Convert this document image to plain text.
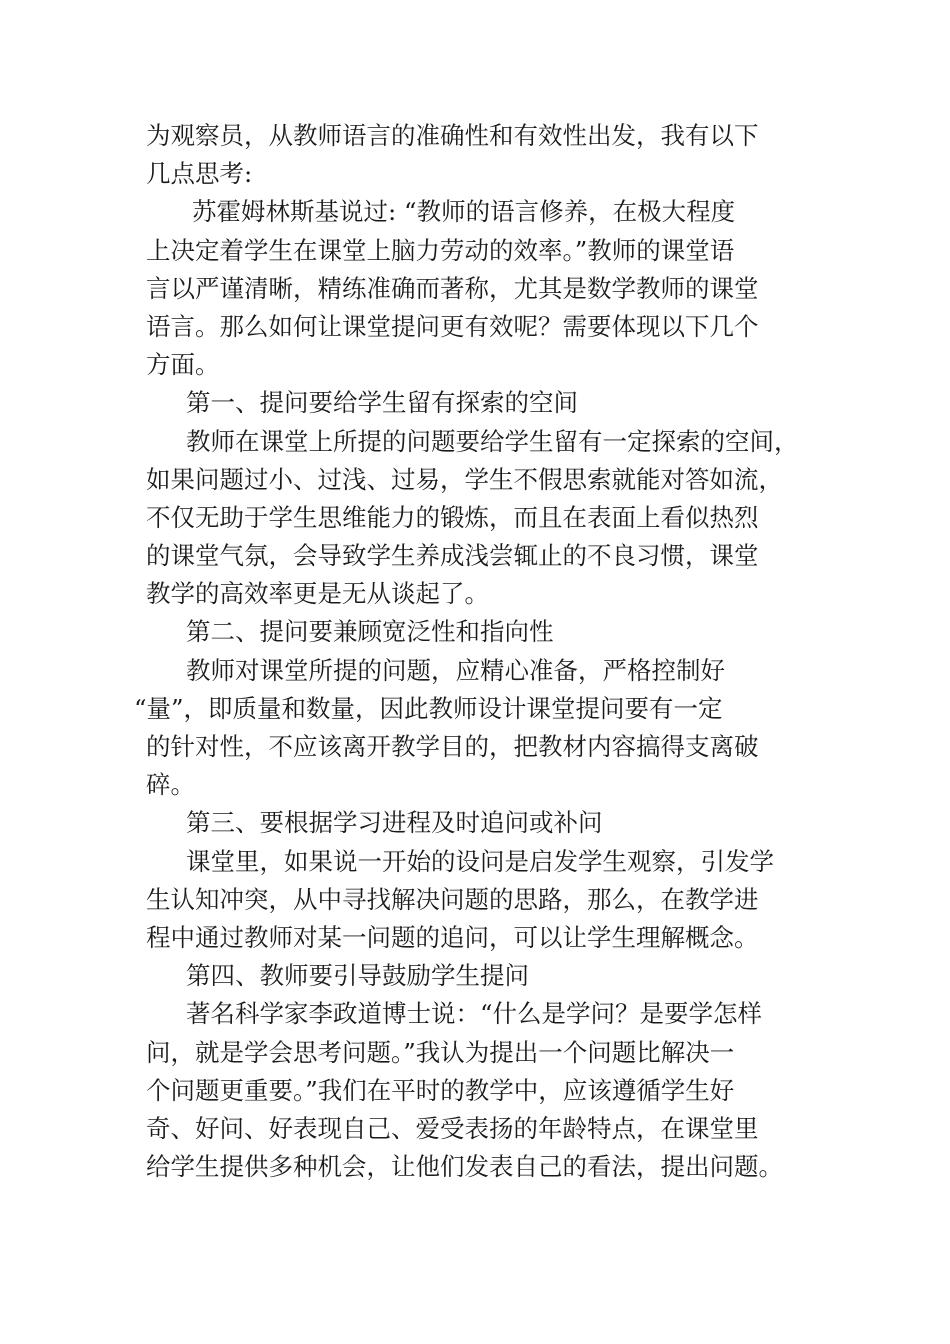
为观察员，从教师语言的准确性和有效性出发，我有以下
几点思考:
苏霍姆林斯基说过: “教师的语言修养，在极大程度
上决定着学生在课堂上脑力劳动的效率。”教师的课堂语
言以严谨清晰，精练准确而著称，尤其是数学教师的课堂
语言。那么如何让课堂提问更有效呢？需要体现以下几个
方面。
第一、提问要给学生留有探索的空间
教师在课堂上所提的问题要给学生留有一定探索的空间，
如果问题过小、过浅、过易，学生不假思索就能对答如流，
不仅无助于学生思维能力的锻炼，而且在表面上看似热烈
的课堂气氛，会导致学生养成浅尝辄止的不良习惯，课堂
教学的高效率更是无从谈起了。
第二、提问要兼顾宽泛性和指向性
教师对课堂所提的问题，应精心准备，严格控制好
“量”，即质量和数量，因此教师设计课堂提问要有一定
的针对性，不应该离开教学目的，把教材内容搞得支离破
碎。
第三、要根据学习进程及时追问或补问
课堂里，如果说一开始的设问是启发学生观察，引发学
生认知冲突，从中寻找解决问题的思路，那么，在教学进
程中通过教师对某一问题的追问，可以让学生理解概念。
第四、教师要引导鼓励学生提问
著名科学家李政道博士说：“什么是学问？是要学怎样
问，就是学会思考问题。”我认为提出一个问题比解决一
个问题更重要。”我们在平时的教学中，应该遵循学生好
奇、好问、好表现自己、爱受表扬的年龄特点，在课堂里
给学生提供多种机会，让他们发表自己的看法，提出问题。
